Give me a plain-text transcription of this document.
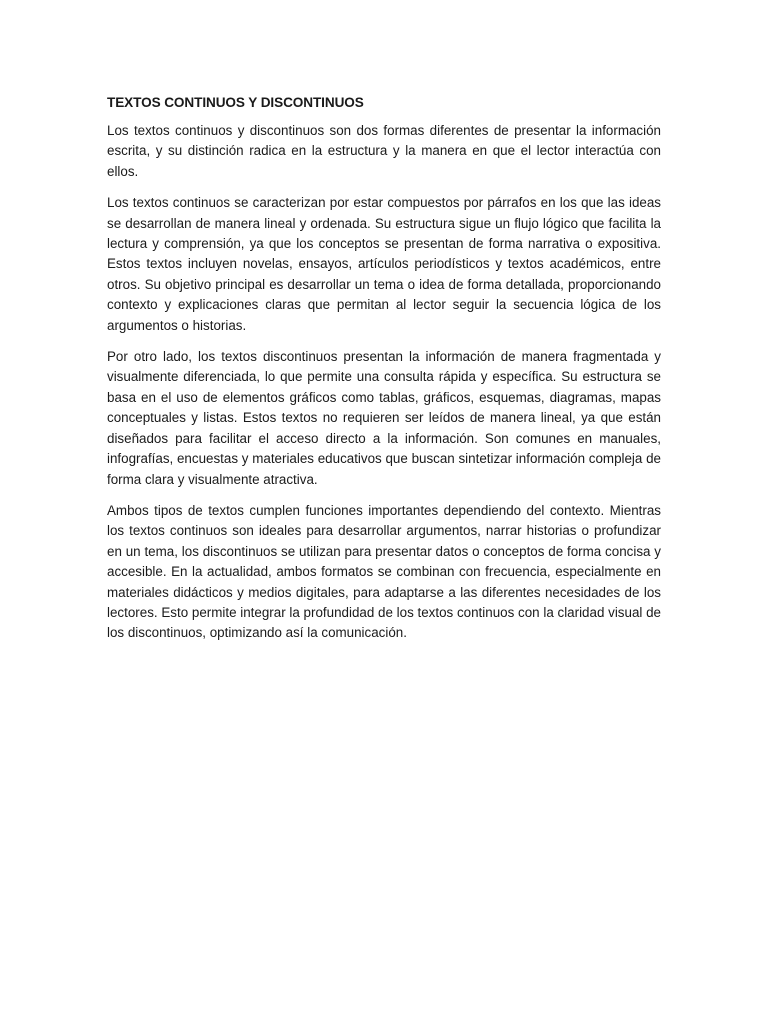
TEXTOS CONTINUOS Y DISCONTINUOS

Los textos continuos y discontinuos son dos formas diferentes de presentar la información escrita, y su distinción radica en la estructura y la manera en que el lector interactúa con ellos.

Los textos continuos se caracterizan por estar compuestos por párrafos en los que las ideas se desarrollan de manera lineal y ordenada. Su estructura sigue un flujo lógico que facilita la lectura y comprensión, ya que los conceptos se presentan de forma narrativa o expositiva. Estos textos incluyen novelas, ensayos, artículos periodísticos y textos académicos, entre otros. Su objetivo principal es desarrollar un tema o idea de forma detallada, proporcionando contexto y explicaciones claras que permitan al lector seguir la secuencia lógica de los argumentos o historias.

Por otro lado, los textos discontinuos presentan la información de manera fragmentada y visualmente diferenciada, lo que permite una consulta rápida y específica. Su estructura se basa en el uso de elementos gráficos como tablas, gráficos, esquemas, diagramas, mapas conceptuales y listas. Estos textos no requieren ser leídos de manera lineal, ya que están diseñados para facilitar el acceso directo a la información. Son comunes en manuales, infografías, encuestas y materiales educativos que buscan sintetizar información compleja de forma clara y visualmente atractiva.

Ambos tipos de textos cumplen funciones importantes dependiendo del contexto. Mientras los textos continuos son ideales para desarrollar argumentos, narrar historias o profundizar en un tema, los discontinuos se utilizan para presentar datos o conceptos de forma concisa y accesible. En la actualidad, ambos formatos se combinan con frecuencia, especialmente en materiales didácticos y medios digitales, para adaptarse a las diferentes necesidades de los lectores. Esto permite integrar la profundidad de los textos continuos con la claridad visual de los discontinuos, optimizando así la comunicación.
